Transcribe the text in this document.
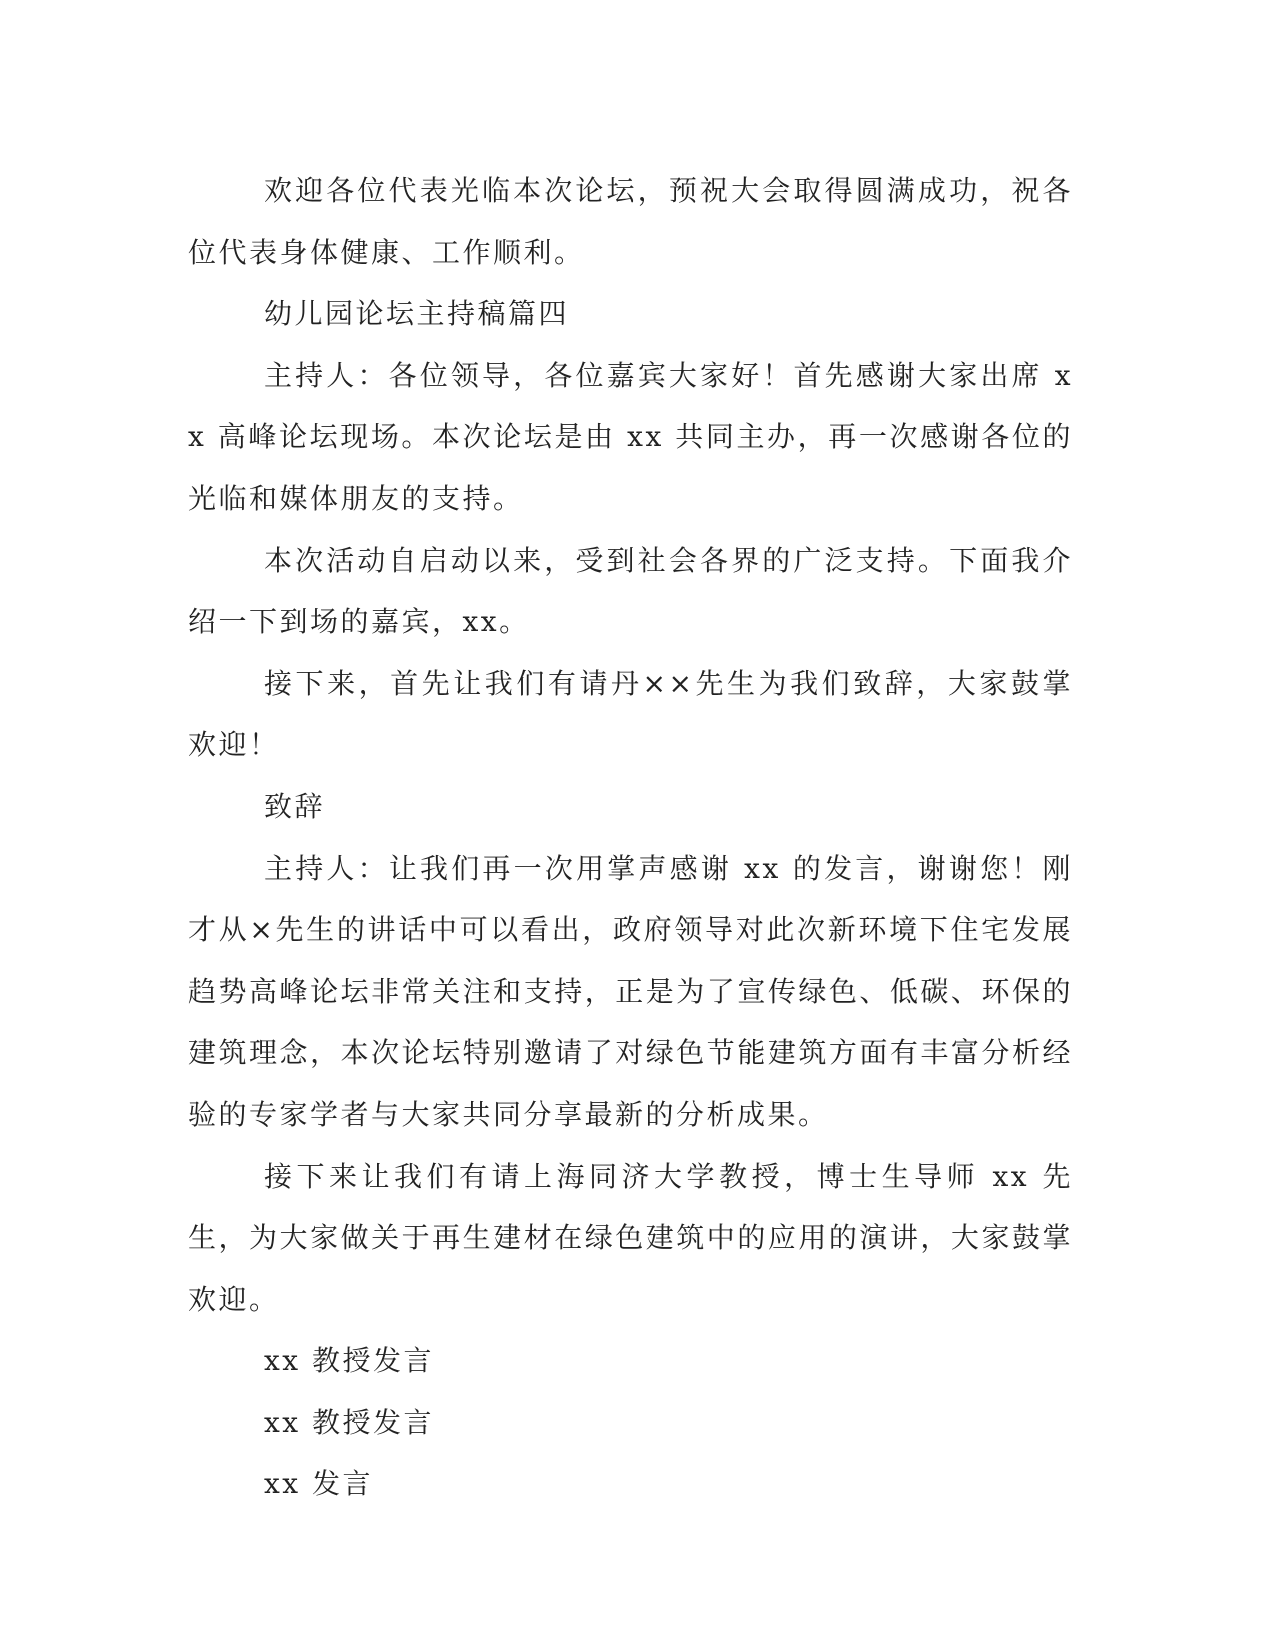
欢迎各位代表光临本次论坛，预祝大会取得圆满成功，祝各位代表身体健康、工作顺利。

幼儿园论坛主持稿篇四

主持人：各位领导，各位嘉宾大家好！首先感谢大家出席 xx 高峰论坛现场。本次论坛是由 xx 共同主办，再一次感谢各位的光临和媒体朋友的支持。

本次活动自启动以来，受到社会各界的广泛支持。下面我介绍一下到场的嘉宾，xx。

接下来，首先让我们有请丹××先生为我们致辞，大家鼓掌欢迎！

致辞

主持人：让我们再一次用掌声感谢 xx 的发言，谢谢您！刚才从×先生的讲话中可以看出，政府领导对此次新环境下住宅发展趋势高峰论坛非常关注和支持，正是为了宣传绿色、低碳、环保的建筑理念，本次论坛特别邀请了对绿色节能建筑方面有丰富分析经验的专家学者与大家共同分享最新的分析成果。

接下来让我们有请上海同济大学教授，博士生导师 xx 先生，为大家做关于再生建材在绿色建筑中的应用的演讲，大家鼓掌欢迎。

xx 教授发言

xx 教授发言

xx 发言
